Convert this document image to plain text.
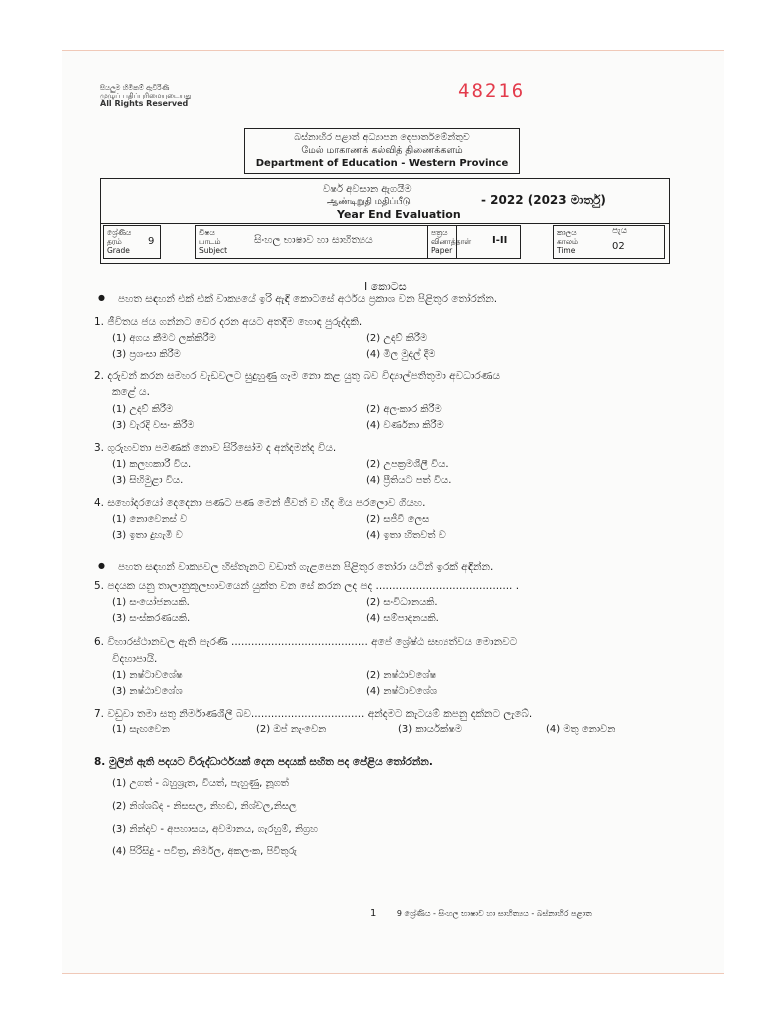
සියලුම හිමිකම් ඇවිරිණි
முழுப் பதிப்புரிமையுடையது
All Rights Reserved
48216
බස්නාහිර පළාත් අධ්‍යාපන දෙපාර්තමේන්තුව
மேல் மாகாணக் கல்வித் திணைக்களம்
Department of Education - Western Province
වර්ෂ අවසාන ඇගයීම
ஆண்டிறுதி மதிப்பீடு
Year End Evaluation
- 2022 (2023 මාර්තු)
ශ්‍රේණිය
தரம்
Grade
9
විෂය
பாடம்
Subject
සිංහල භාෂාව හා සාහිත්‍යය
පත්‍රය
வினாத்தாள்
Paper
I-II
කාලය
காலம்
Time
පැය
02
I කොටස
● පහත සඳහන් එක් එක් වාක්‍යයේ ඉරි ඇඳි කොටසේ අර්ථය ප්‍රකාශ වන පිළිතුර තෝරන්න.
1. ජීවිතය ජය ගන්නට වෙර දරන අයට අතදීම හොඳ පුරුද්දකි.
(1) අගය කීමට ලක්කිරීම	(2) උදව් කිරීම
(3) ප්‍රශංසා කිරීම	(4) මිල මුදල් දීම
2. දරුවන් කරන සමහර වැඩවලට සුදුහුණු ගෑම නො කළ යුතු බව විද්‍යාල්පතිතුමා අවධාරණය
කළේ ය.
(1) උදව් කිරීම	(2) අලංකාර කිරීම
(3) වැරදි වසං කිරීම	(4) වර්ණනා කිරීම
3. ගුරුහවතා පමණක් නොව සිරිසෝම ද අන්දමන්ද විය.
(1) කලහකාරී විය.	(2) උපක්‍රමශීලී විය.
(3) සිහිමුළා විය.	(4) ප්‍රීතියට පත් විය.
4. සහෝදරයෝ දෙදෙනා පණට පණ මෙන් ජීවත් ව හිද මිය පරලොව ගියහ.
(1) නොවෙනස් ව	(2) සජීවී ලෙස
(3) ඉතා දුහැමි ව	(4) ඉතා හිතවත් ව
● පහත සඳහන් වාක්‍යවල හිස්තැනට වඩාත් ගැළපෙන පිළිතුර තෝරා යටින් ඉරක් අඳින්න.
5. පදයක යනු තාලානුකූලභාවයෙන් යුක්ත වන සේ කරන ලද පද ......................................... .
(1) සංයෝජනයකි.	(2) සංවිධානයකි.
(3) සංස්කරණයකි.	(4) සම්පාදනයකි.
6. විහාරස්ථානවල ඇති පැරණි ......................................... අපේ ශ්‍රේෂ්ඨ සභ්‍යත්වය මොනවට
විදහාපායි.
(1) නෂ්ටාවශේෂ	(2) නෂ්ඨාවශේෂ
(3) නෂ්ඨාවශේශ	(4) නෂ්ටාවශේශ
7. වඩුවා තමා සතු නිර්මාණශීලී බව.................................. අන්දමට කැටයම් කපනු දක්නට ලැබේ.
(1) සැඟවෙන	(2) ඔප් නැංවෙන	(3) කාර්යක්ෂම	(4) මතු නොවන
8. මුලින් ඇති පදයට විරුද්ධාර්ථයක් දෙන පදයක් සහිත පද පේළිය තෝරන්න.
(1) උගත් - බහුශ්‍රැත, වියත්, පැහුණු, නූගත්
(2) නිශ්ශබ්ද - නිසසල, නිහඬ, නිශ්චල,නිසල
(3) නින්දාව - අපහාසය, අවමානය, ගැරහුම්, නිග්‍රහ
(4) පිරිසිදු - පවිත්‍ර, නිර්මල, අකලංක, පිවිතුරු
1	9 ශ්‍රේණිය - සිංහල භාෂාව හා සාහිත්‍යය - බස්නාහිර පළාත
